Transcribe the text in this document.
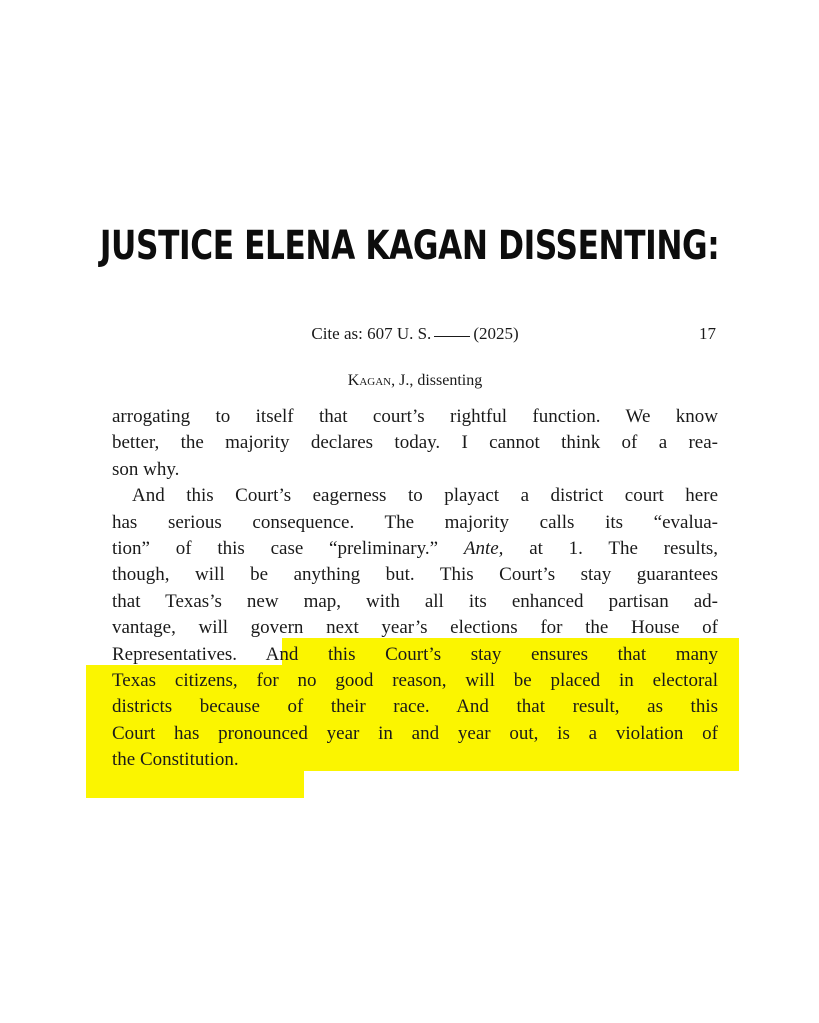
JUSTICE ELENA KAGAN DISSENTING:
Cite as: 607 U. S. (2025)	17
Kagan, J., dissenting
arrogating to itself that court’s rightful function. We know
better, the majority declares today. I cannot think of a rea-
son why.
And this Court’s eagerness to playact a district court here
has serious consequence. The majority calls its “evalua-
tion” of this case “preliminary.” Ante, at 1. The results,
though, will be anything but. This Court’s stay guarantees
that Texas’s new map, with all its enhanced partisan ad-
vantage, will govern next year’s elections for the House of
Representatives. And this Court’s stay ensures that many
Texas citizens, for no good reason, will be placed in electoral
districts because of their race. And that result, as this
Court has pronounced year in and year out, is a violation of
the Constitution.
